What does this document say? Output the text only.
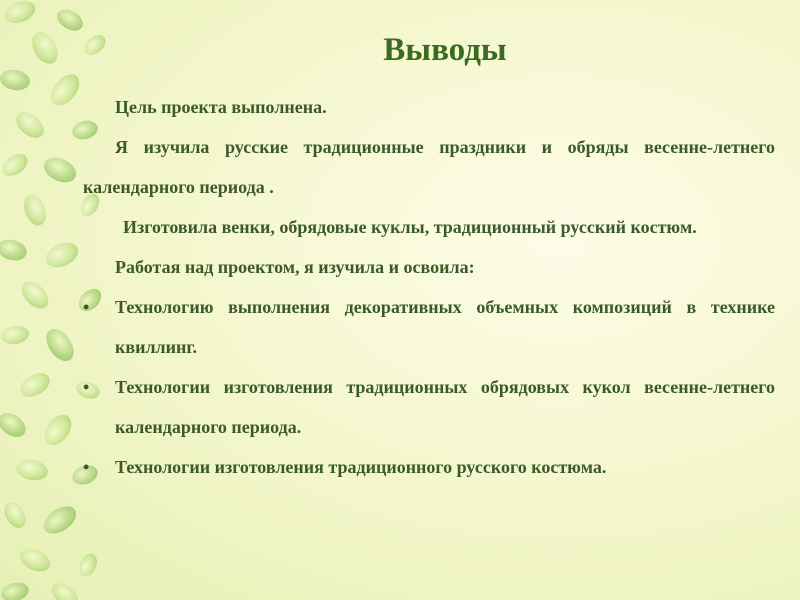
Выводы

Цель проекта выполнена.

Я изучила русские традиционные праздники и обряды весенне-летнего календарного периода .

Изготовила венки, обрядовые куклы, традиционный русский костюм.

Работая над проектом, я изучила и освоила:

• Технологию выполнения декоративных объемных композиций в технике квиллинг.

• Технологии изготовления традиционных обрядовых кукол весенне-летнего календарного периода.

• Технологии изготовления традиционного русского костюма.
